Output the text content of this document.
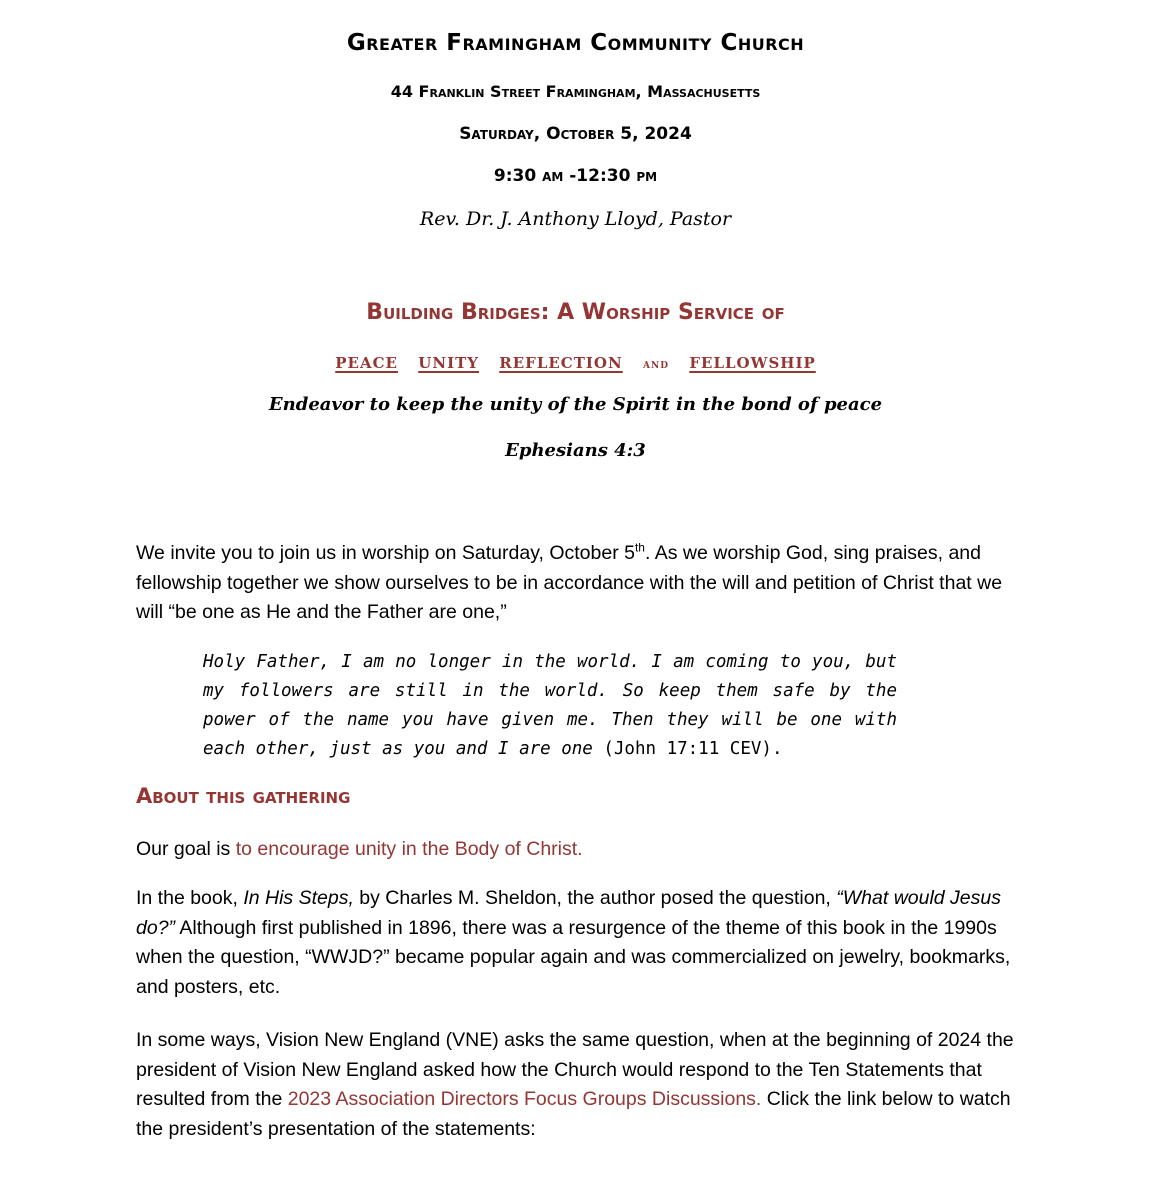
Greater Framingham Community Church

44 Franklin Street Framingham, Massachusetts

Saturday, October 5, 2024

9:30 am -12:30 pm

Rev. Dr. J. Anthony Lloyd, Pastor

Building Bridges: A Worship Service of
peace unity reflection and fellowship

Endeavor to keep the unity of the Spirit in the bond of peace

Ephesians 4:3

We invite you to join us in worship on Saturday, October 5th. As we worship God, sing praises, and fellowship together we show ourselves to be in accordance with the will and petition of Christ that we will “be one as He and the Father are one,”

Holy Father, I am no longer in the world. I am coming to you, but my followers are still in the world. So keep them safe by the power of the name you have given me. Then they will be one with each other, just as you and I are one (John 17:11 CEV).

About this gathering

Our goal is to encourage unity in the Body of Christ.

In the book, In His Steps, by Charles M. Sheldon, the author posed the question, “What would Jesus do?” Although first published in 1896, there was a resurgence of the theme of this book in the 1990s when the question, “WWJD?” became popular again and was commercialized on jewelry, bookmarks, and posters, etc.

In some ways, Vision New England (VNE) asks the same question, when at the beginning of 2024 the president of Vision New England asked how the Church would respond to the Ten Statements that resulted from the 2023 Association Directors Focus Groups Discussions. Click the link below to watch the president’s presentation of the statements:
